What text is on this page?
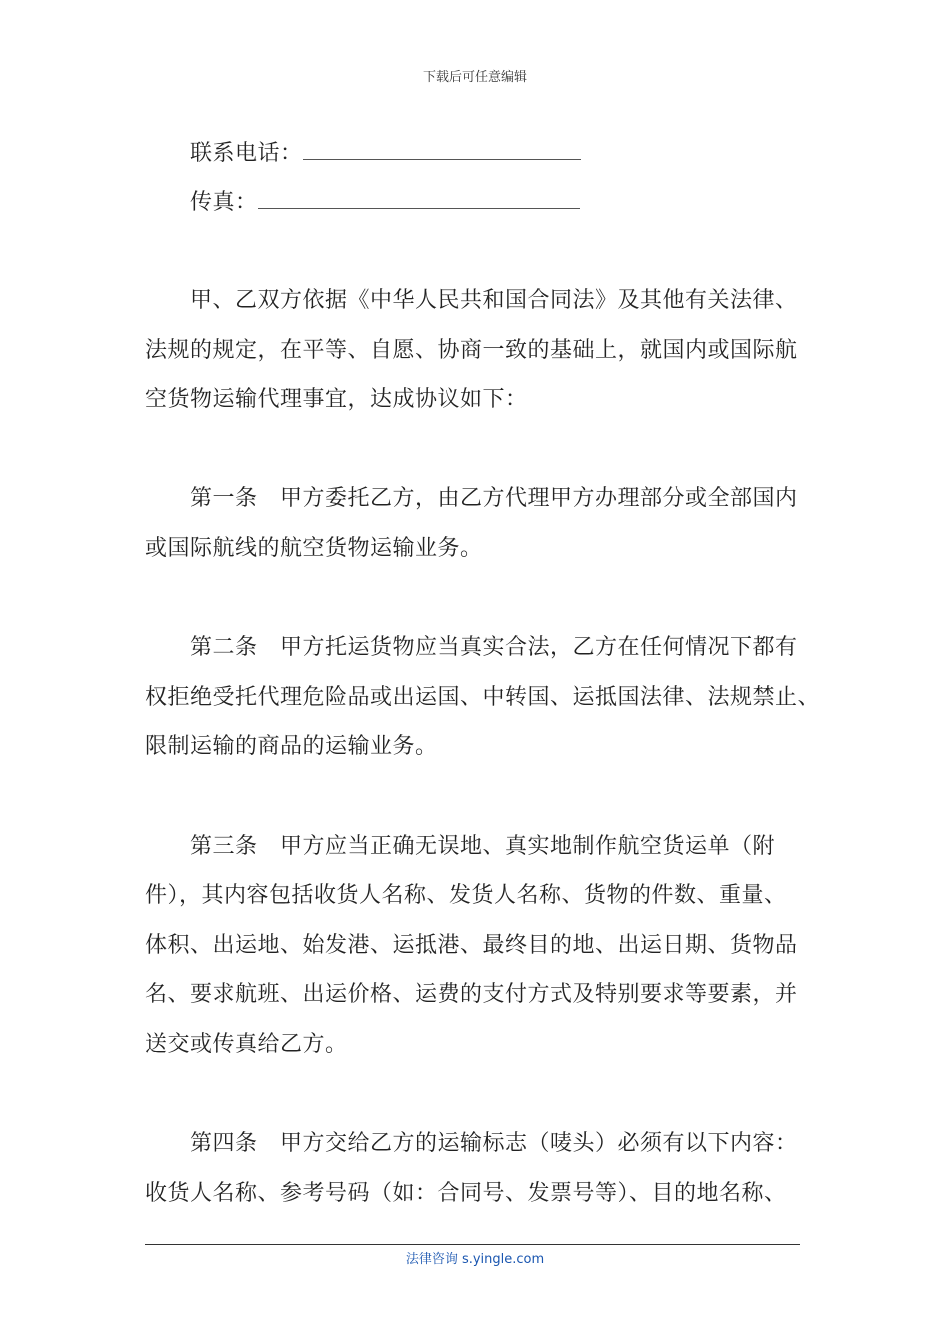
下载后可任意编辑
联系电话：
传真：
甲、乙双方依据《中华人民共和国合同法》及其他有关法律、
法规的规定，在平等、自愿、协商一致的基础上，就国内或国际航
空货物运输代理事宜，达成协议如下：
第一条　甲方委托乙方，由乙方代理甲方办理部分或全部国内
或国际航线的航空货物运输业务。
第二条　甲方托运货物应当真实合法，乙方在任何情况下都有
权拒绝受托代理危险品或出运国、中转国、运抵国法律、法规禁止、
限制运输的商品的运输业务。
第三条　甲方应当正确无误地、真实地制作航空货运单（附
件），其内容包括收货人名称、发货人名称、货物的件数、重量、
体积、出运地、始发港、运抵港、最终目的地、出运日期、货物品
名、要求航班、出运价格、运费的支付方式及特别要求等要素，并
送交或传真给乙方。
第四条　甲方交给乙方的运输标志（唛头）必须有以下内容：
收货人名称、参考号码（如：合同号、发票号等）、目的地名称、
法律咨询 s.yingle.com
